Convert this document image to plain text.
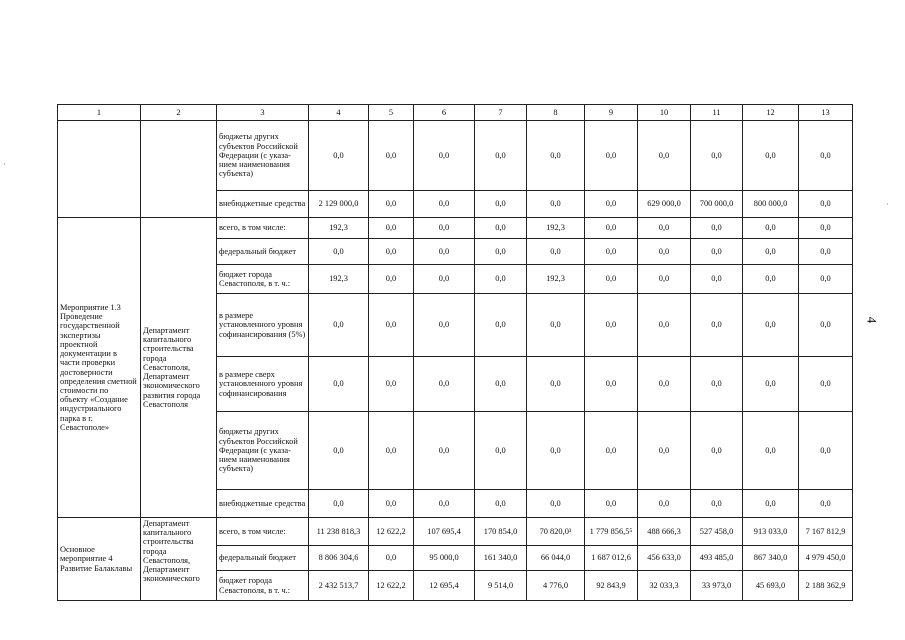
1	2	3	4	5	6	7	8	9	10	11	12	13
		бюджеты других субъектов Российской Федерации (с указа-нием наименования субъекта)	0,0	0,0	0,0	0,0	0,0	0,0	0,0	0,0	0,0	0,0
		внебюджетные средства	2 129 000,0	0,0	0,0	0,0	0,0	0,0	629 000,0	700 000,0	800 000,0	0,0
Мероприятие 1.3 Проведение государственной экспертизы проектной документации в части проверки достоверности определения сметной стоимости по объекту «Создание индустриального парка в г. Севастополе»	Департамент капитального строительства города Севастополя, Департамент экономического развития города Севастополя	всего, в том числе:	192,3	0,0	0,0	0,0	192,3	0,0	0,0	0,0	0,0	0,0
		федеральный бюджет	0,0	0,0	0,0	0,0	0,0	0,0	0,0	0,0	0,0	0,0
		бюджет города Севастополя, в т. ч.:	192,3	0,0	0,0	0,0	192,3	0,0	0,0	0,0	0,0	0,0
		в размере установленного уровня софинансирования (5%)	0,0	0,0	0,0	0,0	0,0	0,0	0,0	0,0	0,0	0,0
		в размере сверх установленного уровня софинансирования	0,0	0,0	0,0	0,0	0,0	0,0	0,0	0,0	0,0	0,0
		бюджеты других субъектов Российской Федерации (с указа-нием наименования субъекта)	0,0	0,0	0,0	0,0	0,0	0,0	0,0	0,0	0,0	0,0
		внебюджетные средства	0,0	0,0	0,0	0,0	0,0	0,0	0,0	0,0	0,0	0,0
Основное мероприятие 4 Развитие Балаклавы	Департамент капитального строительства города Севастополя, Департамент экономического	всего, в том числе:	11 238 818,3	12 622,2	107 695,4	170 854,0	70 820,0³	1 779 856,5⁵	488 666,3	527 458,0	913 033,0	7 167 812,9
		федеральный бюджет	8 806 304,6	0,0	95 000,0	161 340,0	66 044,0	1 687 012,6	456 633,0	493 485,0	867 340,0	4 979 450,0
		бюджет города Севастополя, в т. ч.:	2 432 513,7	12 622,2	12 695,4	9 514,0	4 776,0	92 843,9	32 033,3	33 973,0	45 693,0	2 188 362,9
4
·
·
